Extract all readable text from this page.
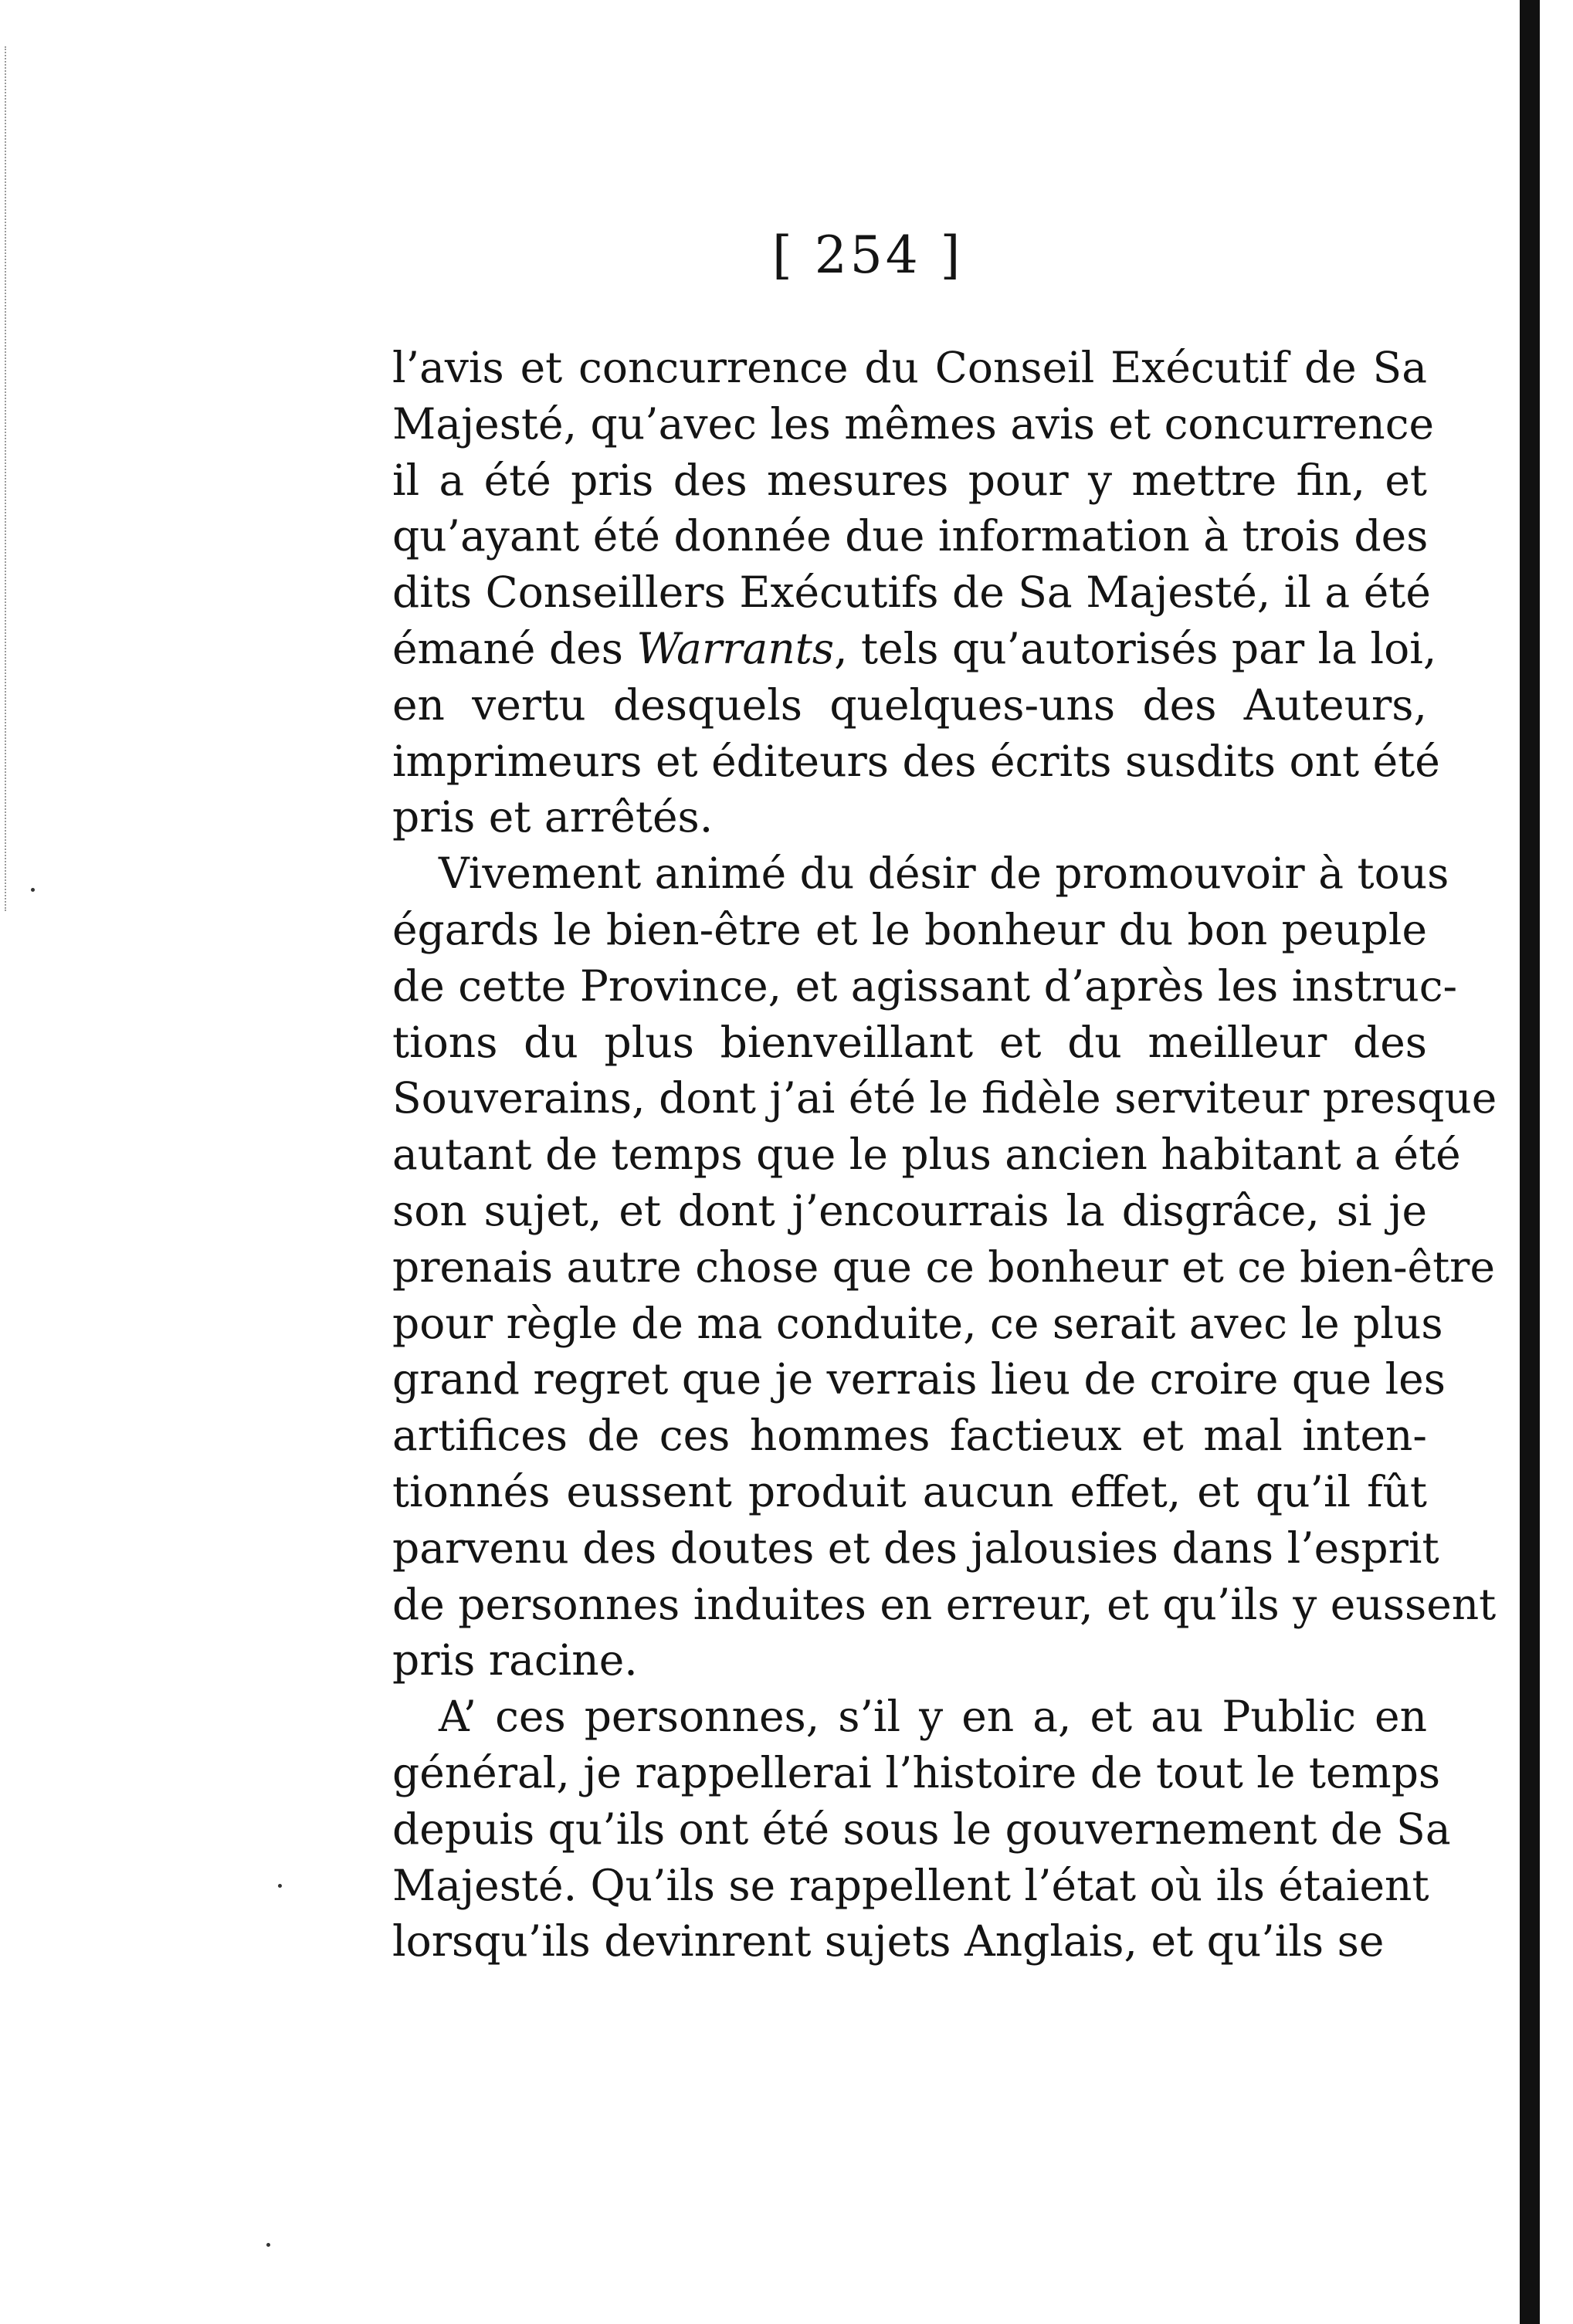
[ 254 ]

l’avis et concurrence du Conseil Exécutif de Sa
Majesté, qu’avec les mêmes avis et concurrence
il a été pris des mesures pour y mettre fin, et
qu’ayant été donnée due information à trois des
dits Conseillers Exécutifs de Sa Majesté, il a été
émané des Warrants, tels qu’autorisés par la loi,
en vertu desquels quelques-uns des Auteurs,
imprimeurs et éditeurs des écrits susdits ont été
pris et arrêtés.
Vivement animé du désir de promouvoir à tous
égards le bien-être et le bonheur du bon peuple
de cette Province, et agissant d’après les instruc-
tions du plus bienveillant et du meilleur des
Souverains, dont j’ai été le fidèle serviteur presque
autant de temps que le plus ancien habitant a été
son sujet, et dont j’encourrais la disgrâce, si je
prenais autre chose que ce bonheur et ce bien-être
pour règle de ma conduite, ce serait avec le plus
grand regret que je verrais lieu de croire que les
artifices de ces hommes factieux et mal inten-
tionnés eussent produit aucun effet, et qu’il fût
parvenu des doutes et des jalousies dans l’esprit
de personnes induites en erreur, et qu’ils y eussent
pris racine.
A’ ces personnes, s’il y en a, et au Public en
général, je rappellerai l’histoire de tout le temps
depuis qu’ils ont été sous le gouvernement de Sa
Majesté. Qu’ils se rappellent l’état où ils étaient
lorsqu’ils devinrent sujets Anglais, et qu’ils se
